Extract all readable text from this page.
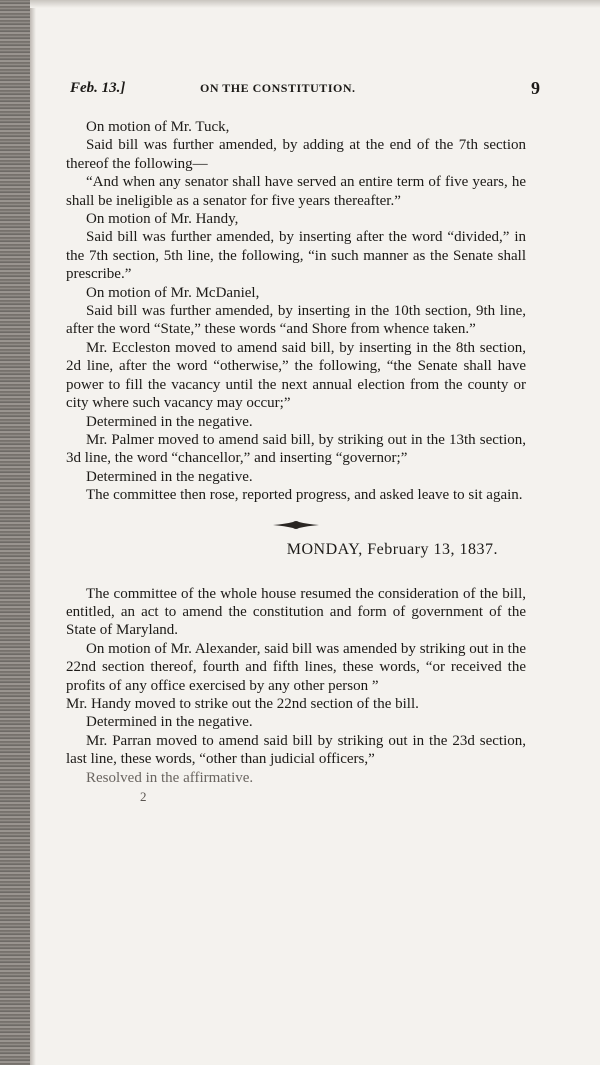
Feb. 13.]	ON THE CONSTITUTION.	9

On motion of Mr. Tuck,

Said bill was further amended, by adding at the end of the 7th section thereof the following—

“And when any senator shall have served an entire term of five years, he shall be ineligible as a senator for five years thereafter.”

On motion of Mr. Handy,

Said bill was further amended, by inserting after the word “divided,” in the 7th section, 5th line, the following, “in such manner as the Senate shall prescribe.”

On motion of Mr. McDaniel,

Said bill was further amended, by inserting in the 10th section, 9th line, after the word “State,” these words “and Shore from whence taken.”

Mr. Eccleston moved to amend said bill, by inserting in the 8th section, 2d line, after the word “otherwise,” the following, “the Senate shall have power to fill the vacancy until the next annual election from the county or city where such vacancy may occur;”

Determined in the negative.

Mr. Palmer moved to amend said bill, by striking out in the 13th section, 3d line, the word “chancellor,” and inserting “governor;”

Determined in the negative.

The committee then rose, reported progress, and asked leave to sit again.

MONDAY, February 13, 1837.

The committee of the whole house resumed the consideration of the bill, entitled, an act to amend the constitution and form of government of the State of Maryland.

On motion of Mr. Alexander, said bill was amended by striking out in the 22nd section thereof, fourth and fifth lines, these words, “or received the profits of any office exercised by any other person ”

Mr. Handy moved to strike out the 22nd section of the bill.

Determined in the negative.

Mr. Parran moved to amend said bill by striking out in the 23d section, last line, these words, “other than judicial officers,”

Resolved in the affirmative.

2
